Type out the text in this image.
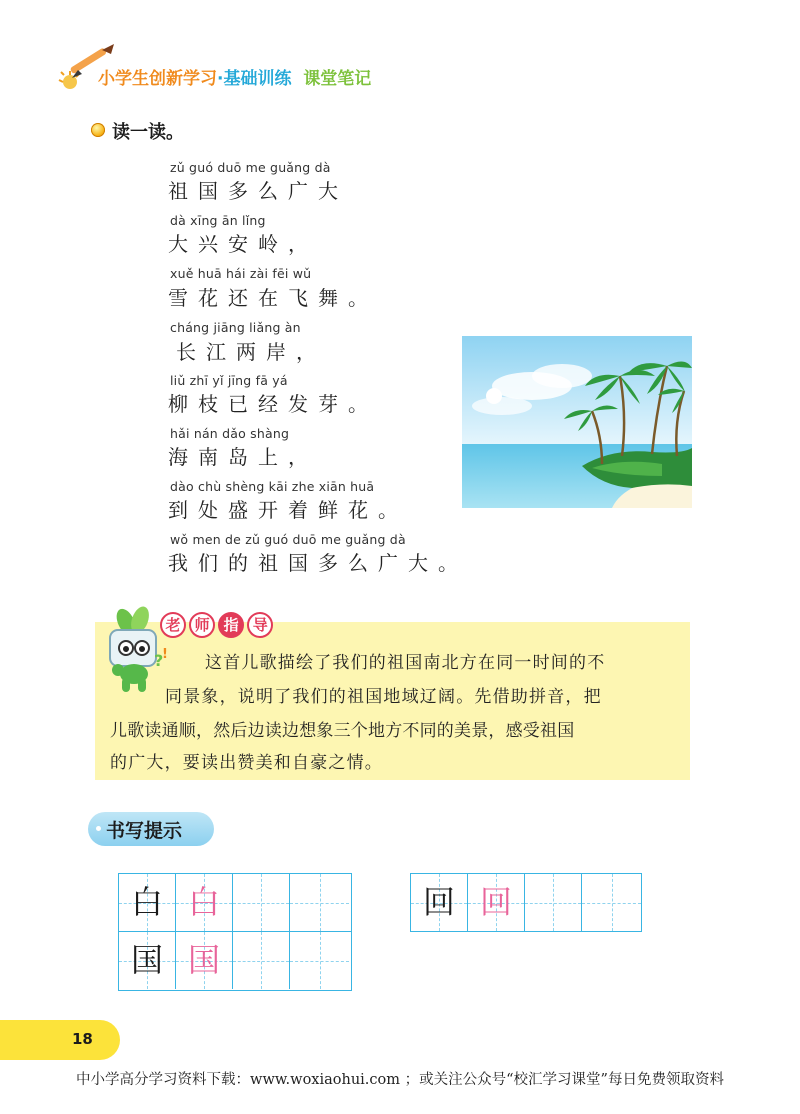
小学生创新学习·基础训练 课堂笔记
读一读。
zǔ guó duō me guǎng dà
祖国多么广大
dà xīng ān lǐng
大兴安岭，
xuě huā hái zài fēi wǔ
雪花还在飞舞。
cháng jiāng liǎng àn
长江两岸，
liǔ zhī yǐ jīng fā yá
柳枝已经发芽。
hǎi nán dǎo shàng
海南岛上，
dào chù shèng kāi zhe xiān huā
到处盛开着鲜花。
wǒ men de zǔ guó duō me guǎng dà
我们的祖国多么广大。
?
!
老 师 指 导
这首儿歌描绘了我们的祖国南北方在同一时间的不
同景象，说明了我们的祖国地域辽阔。先借助拼音，把
儿歌读通顺，然后边读边想象三个地方不同的美景，感受祖国
的广大，要读出赞美和自豪之情。
书写提示
白 白
国 国
回 回
18
中小学高分学习资料下载：www.woxiaohui.com ；或关注公众号“校汇学习课堂”每日免费领取资料
